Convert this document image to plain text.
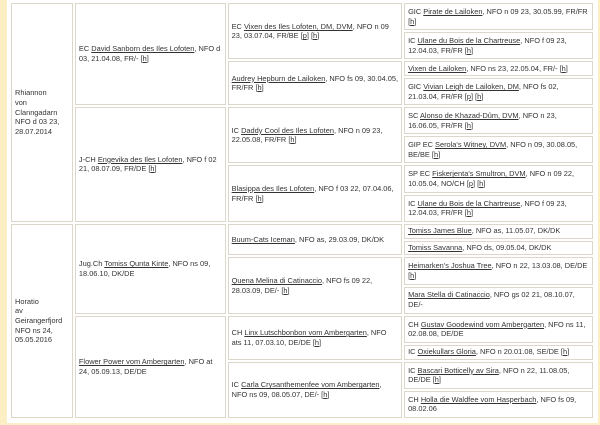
Rhiannon
von Clanngadarn
NFO d 03 23,
28.07.2014	EC David Sanborn des Iles Lofoten, NFO d 03, 21.04.08, FR/- [h]	EC Vixen des Iles Lofoten, DM, DVM, NFO n 09 23, 03.07.04, FR/BE [p] [h]	GIC Pirate de Lailoken, NFO n 09 23, 30.05.99, FR/FR [h]
			IC Ulane du Bois de la Chartreuse, NFO f 09 23, 12.04.03, FR/FR [h]
		Audrey Hepburn de Lailoken, NFO fs 09, 30.04.05, FR/FR [h]	Vixen de Lailoken, NFO ns 23, 22.05.04, FR/- [h]
			GIC Vivian Leigh de Lailoken, DM, NFO fs 02, 21.03.04, FR/FR [p] [h]
	J-CH Engevika des Iles Lofoten, NFO f 02 21, 08.07.09, FR/DE [h]	IC Daddy Cool des Iles Lofoten, NFO n 09 23, 22.05.08, FR/FR [h]	SC Alonso de Khazad-Dûm, DVM, NFO n 23, 16.06.05, FR/FR [h]
			GIP EC Serola's Witney, DVM, NFO n 09, 30.08.05, BE/BE [h]
		Blasippa des Iles Lofoten, NFO f 03 22, 07.04.06, FR/FR [h]	SP EC Fiskerjenta's Smultron, DVM, NFO n 09 22, 10.05.04, NO/CH [p] [h]
			IC Ulane du Bois de la Chartreuse, NFO f 09 23, 12.04.03, FR/FR [h]
Horatio
av Geirangerfjord
NFO ns 24,
05.05.2016	Jug.Ch Tomiss Qunta Kinte, NFO ns 09, 18.06.10, DK/DE	Buum-Cats Iceman, NFO as, 29.03.09, DK/DK	Tomiss James Blue, NFO as, 11.05.07, DK/DK
			Tomiss Savanna, NFO ds, 09.05.04, DK/DK
		Quena Melina di Catinaccio, NFO fs 09 22, 28.03.09, DE/- [h]	Heimarken's Joshua Tree, NFO n 22, 13.03.08, DE/DE [h]
			Mara Stella di Catinaccio, NFO gs 02 21, 08.10.07, DE/-
	Flower Power vom Ambergarten, NFO at 24, 05.09.13, DE/DE	CH Linx Lutschbonbon vom Ambergarten, NFO ats 11, 07.03.10, DE/DE [h]	CH Gustav Goodewind vom Ambergarten, NFO ns 11, 02.08.08, DE/DE
			IC Oxiekullars Gloria, NFO n 20.01.08, SE/DE [h]
		IC Carla Crysanthemenfee vom Ambergarten, NFO ns 09, 08.05.07, DE/- [h]	IC Bascari Botticelly av Sira, NFO n 22, 11.08.05, DE/DE [h]
			CH Holla die Waldfee vom Hasperbach, NFO fs 09, 08.02.06
